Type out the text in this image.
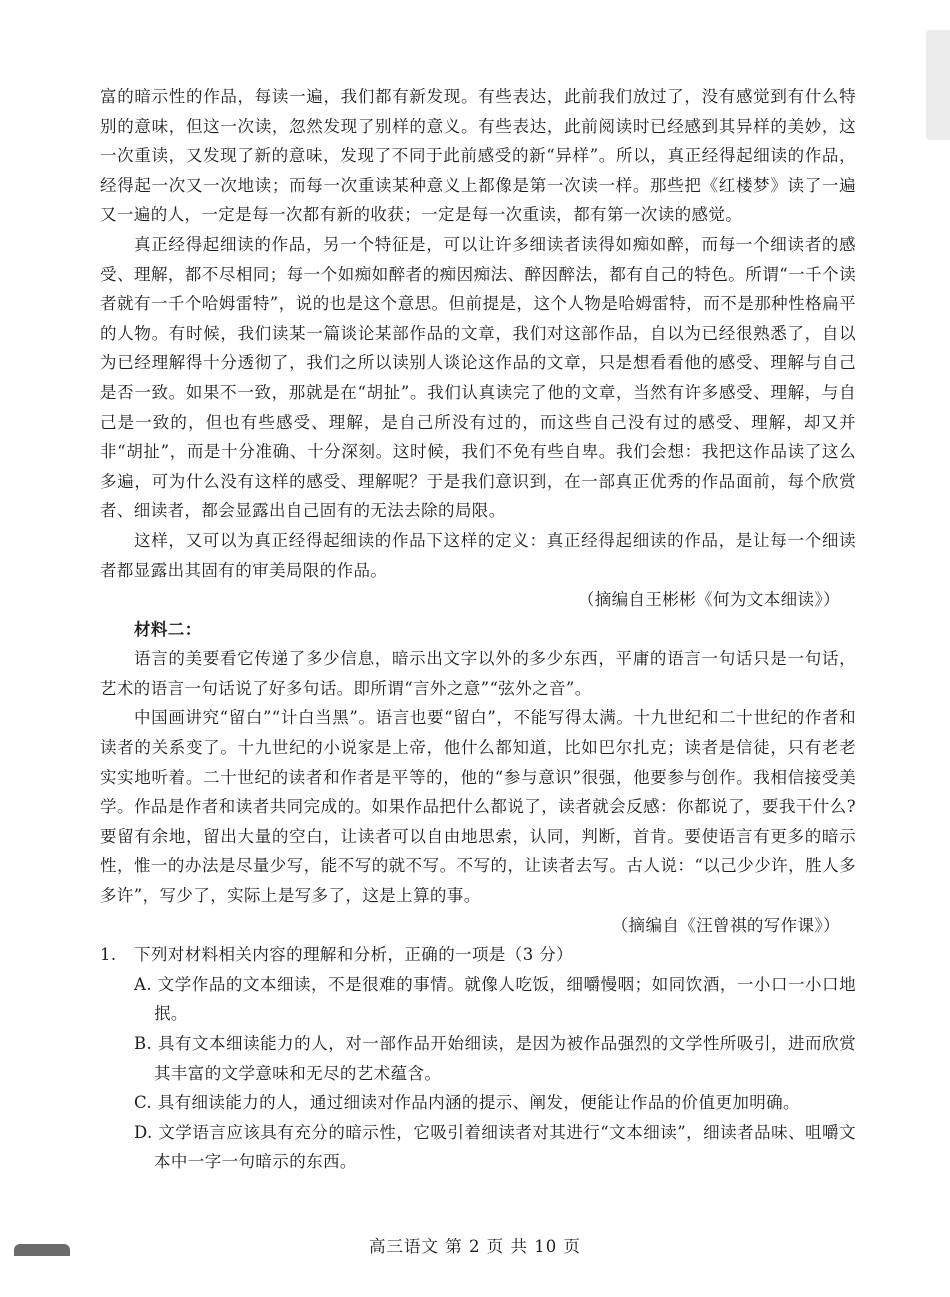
富的暗示性的作品，每读一遍，我们都有新发现。有些表达，此前我们放过了，没有感觉到有什么特别的意味，但这一次读，忽然发现了别样的意义。有些表达，此前阅读时已经感到其异样的美妙，这一次重读，又发现了新的意味，发现了不同于此前感受的新“异样”。所以，真正经得起细读的作品，经得起一次又一次地读；而每一次重读某种意义上都像是第一次读一样。那些把《红楼梦》读了一遍又一遍的人，一定是每一次都有新的收获；一定是每一次重读，都有第一次读的感觉。

真正经得起细读的作品，另一个特征是，可以让许多细读者读得如痴如醉，而每一个细读者的感受、理解，都不尽相同；每一个如痴如醉者的痴因痴法、醉因醉法，都有自己的特色。所谓“一千个读者就有一千个哈姆雷特”，说的也是这个意思。但前提是，这个人物是哈姆雷特，而不是那种性格扁平的人物。有时候，我们读某一篇谈论某部作品的文章，我们对这部作品，自以为已经很熟悉了，自以为已经理解得十分透彻了，我们之所以读别人谈论这作品的文章，只是想看看他的感受、理解与自己是否一致。如果不一致，那就是在“胡扯”。我们认真读完了他的文章，当然有许多感受、理解，与自己是一致的，但也有些感受、理解，是自己所没有过的，而这些自己没有过的感受、理解，却又并非“胡扯”，而是十分准确、十分深刻。这时候，我们不免有些自卑。我们会想：我把这作品读了这么多遍，可为什么没有这样的感受、理解呢？于是我们意识到，在一部真正优秀的作品面前，每个欣赏者、细读者，都会显露出自己固有的无法去除的局限。

这样，又可以为真正经得起细读的作品下这样的定义：真正经得起细读的作品，是让每一个细读者都显露出其固有的审美局限的作品。

（摘编自王彬彬《何为文本细读》）

材料二：

语言的美要看它传递了多少信息，暗示出文字以外的多少东西，平庸的语言一句话只是一句话，艺术的语言一句话说了好多句话。即所谓“言外之意”“弦外之音”。

中国画讲究“留白”“计白当黑”。语言也要“留白”，不能写得太满。十九世纪和二十世纪的作者和读者的关系变了。十九世纪的小说家是上帝，他什么都知道，比如巴尔扎克；读者是信徒，只有老老实实地听着。二十世纪的读者和作者是平等的，他的“参与意识”很强，他要参与创作。我相信接受美学。作品是作者和读者共同完成的。如果作品把什么都说了，读者就会反感：你都说了，要我干什么?要留有余地，留出大量的空白，让读者可以自由地思索，认同，判断，首肯。要使语言有更多的暗示性，惟一的办法是尽量少写，能不写的就不写。不写的，让读者去写。古人说：“以己少少许，胜人多多许”，写少了，实际上是写多了，这是上算的事。

（摘编自《汪曾祺的写作课》）

1. 下列对材料相关内容的理解和分析，正确的一项是（3 分）

A. 文学作品的文本细读，不是很难的事情。就像人吃饭，细嚼慢咽；如同饮酒，一小口一小口地抿。

B. 具有文本细读能力的人，对一部作品开始细读，是因为被作品强烈的文学性所吸引，进而欣赏其丰富的文学意味和无尽的艺术蕴含。

C. 具有细读能力的人，通过细读对作品内涵的提示、阐发，便能让作品的价值更加明确。

D. 文学语言应该具有充分的暗示性，它吸引着细读者对其进行“文本细读”，细读者品味、咀嚼文本中一字一句暗示的东西。

高三语文 第 2 页 共 10 页
